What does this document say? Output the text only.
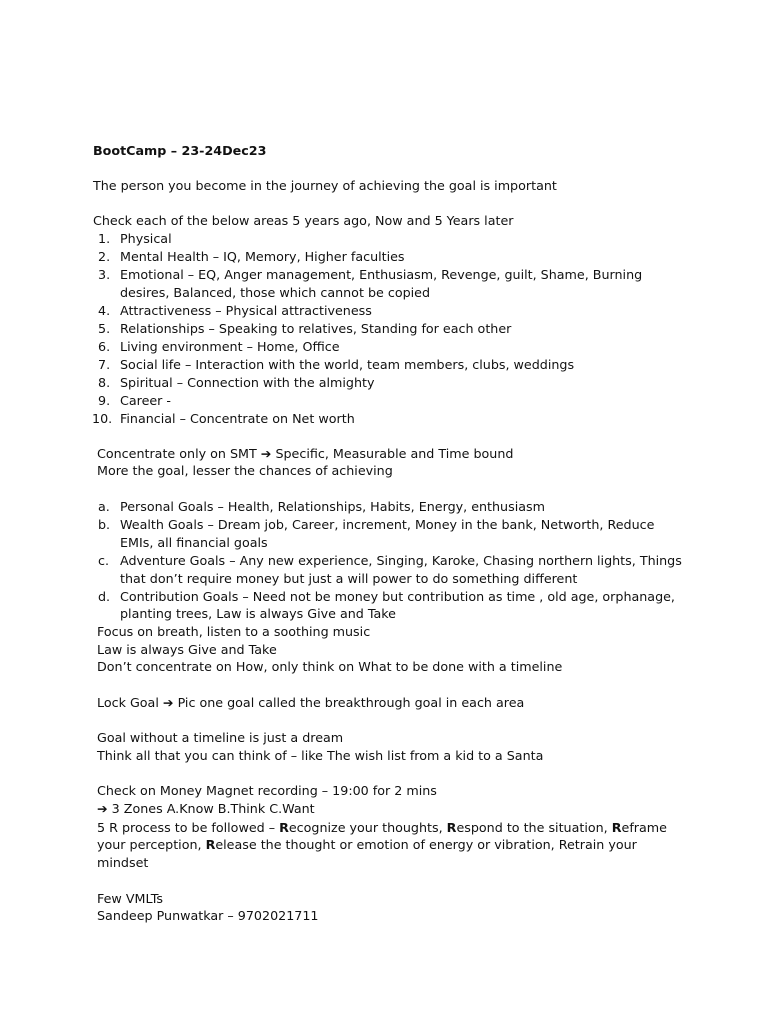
BootCamp – 23-24Dec23
The person you become in the journey of achieving the goal is important
Check each of the below areas 5 years ago, Now and 5 Years later
1. Physical
2. Mental Health – IQ, Memory, Higher faculties
3. Emotional – EQ, Anger management, Enthusiasm, Revenge, guilt, Shame, Burning
desires, Balanced, those which cannot be copied
4. Attractiveness – Physical attractiveness
5. Relationships – Speaking to relatives, Standing for each other
6. Living environment – Home, Office
7. Social life – Interaction with the world, team members, clubs, weddings
8. Spiritual – Connection with the almighty
9. Career -
10. Financial – Concentrate on Net worth
Concentrate only on SMT ➔ Specific, Measurable and Time bound
More the goal, lesser the chances of achieving
a. Personal Goals – Health, Relationships, Habits, Energy, enthusiasm
b. Wealth Goals – Dream job, Career, increment, Money in the bank, Networth, Reduce
EMIs, all financial goals
c. Adventure Goals – Any new experience, Singing, Karoke, Chasing northern lights, Things
that don’t require money but just a will power to do something different
d. Contribution Goals – Need not be money but contribution as time , old age, orphanage,
planting trees, Law is always Give and Take
Focus on breath, listen to a soothing music
Law is always Give and Take
Don’t concentrate on How, only think on What to be done with a timeline
Lock Goal ➔ Pic one goal called the breakthrough goal in each area
Goal without a timeline is just a dream
Think all that you can think of – like The wish list from a kid to a Santa
Check on Money Magnet recording – 19:00 for 2 mins
➔ 3 Zones A.Know B.Think C.Want
5 R process to be followed – Recognize your thoughts, Respond to the situation, Reframe
your perception, Release the thought or emotion of energy or vibration, Retrain your
mindset
Few VMLTs
Sandeep Punwatkar – 9702021711
